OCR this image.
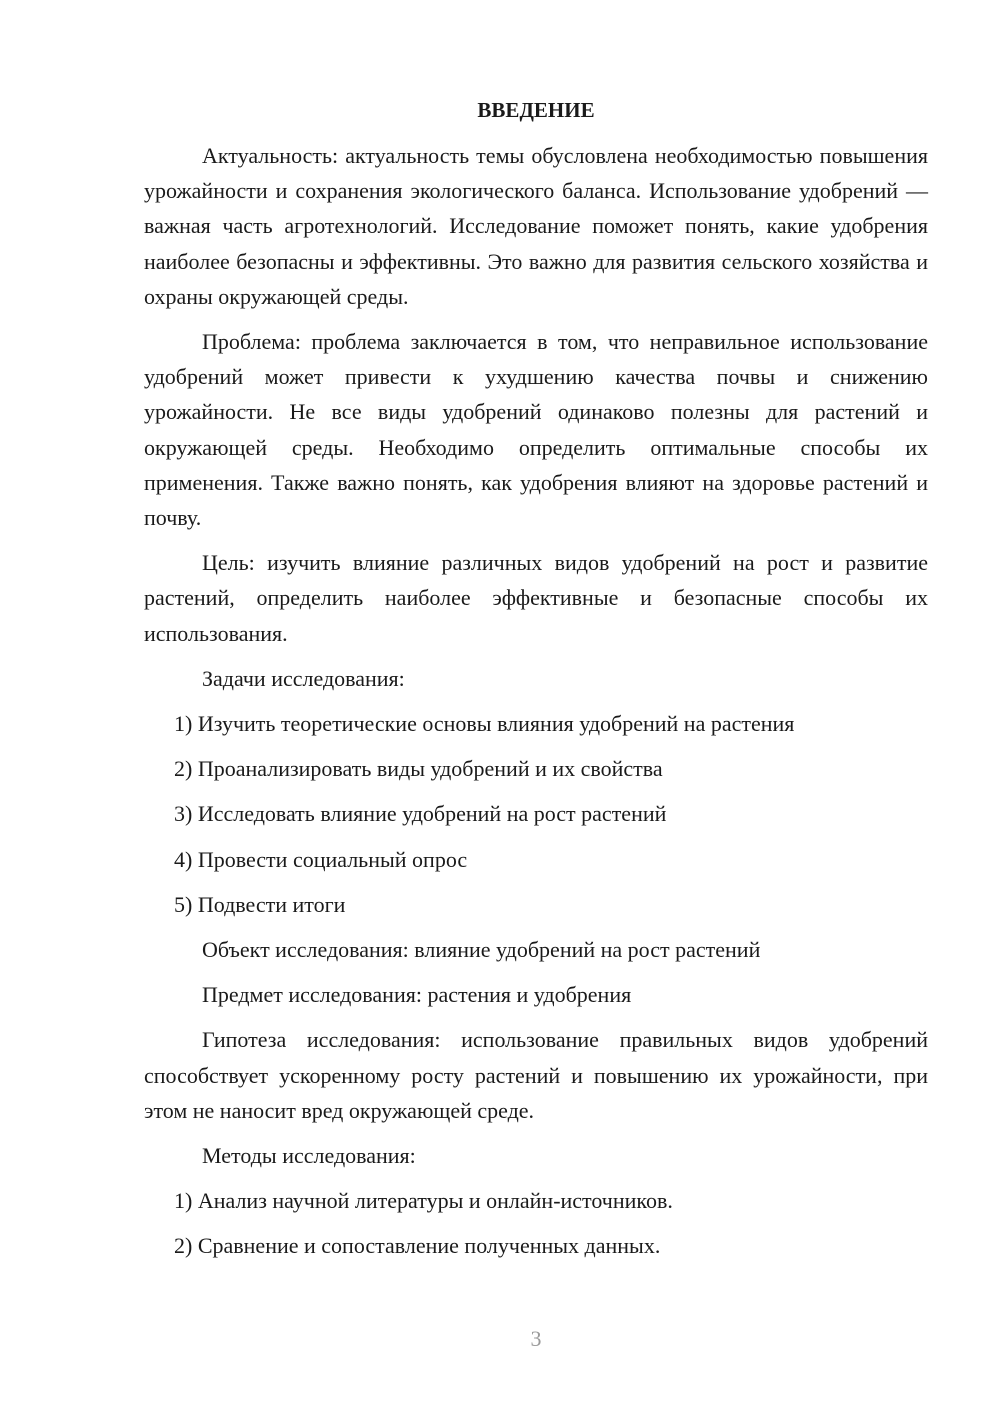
ВВЕДЕНИЕ
Актуальность: актуальность темы обусловлена необходимостью повышения урожайности и сохранения экологического баланса. Использование удобрений — важная часть агротехнологий. Исследование поможет понять, какие удобрения наиболее безопасны и эффективны. Это важно для развития сельского хозяйства и охраны окружающей среды.
Проблема: проблема заключается в том, что неправильное использование удобрений может привести к ухудшению качества почвы и снижению урожайности. Не все виды удобрений одинаково полезны для растений и окружающей среды. Необходимо определить оптимальные способы их применения. Также важно понять, как удобрения влияют на здоровье растений и почву.
Цель: изучить влияние различных видов удобрений на рост и развитие растений, определить наиболее эффективные и безопасные способы их использования.
Задачи исследования:
1) Изучить теоретические основы влияния удобрений на растения
2) Проанализировать виды удобрений и их свойства
3) Исследовать влияние удобрений на рост растений
4) Провести социальный опрос
5) Подвести итоги
Объект исследования: влияние удобрений на рост растений
Предмет исследования: растения и удобрения
Гипотеза исследования: использование правильных видов удобрений способствует ускоренному росту растений и повышению их урожайности, при этом не наносит вред окружающей среде.
Методы исследования:
1) Анализ научной литературы и онлайн-источников.
2) Сравнение и сопоставление полученных данных.
3
